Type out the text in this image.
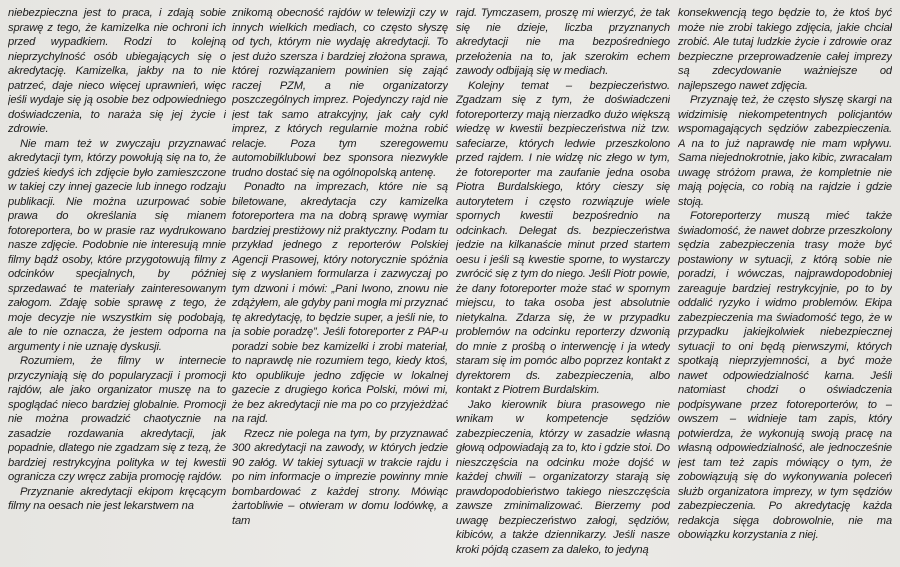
niebezpieczna jest to praca, i zdają sobie sprawę z tego, że kamizelka nie ochroni ich przed wypadkiem. Rodzi to kolejną nieprzychylność osób ubiegających się o akredytację. Kamizelka, jakby na to nie patrzeć, daje nieco więcej uprawnień, więc jeśli wydaje się ją osobie bez odpowiedniego doświadczenia, to naraża się jej życie i zdrowie.

Nie mam też w zwyczaju przyznawać akredytacji tym, którzy powołują się na to, że gdzieś kiedyś ich zdjęcie było zamieszczone w takiej czy innej gazecie lub innego rodzaju publikacji. Nie można uzurpować sobie prawa do określania się mianem fotoreportera, bo w prasie raz wydrukowano nasze zdjęcie. Podobnie nie interesują mnie filmy bądź osoby, które przygotowują filmy z odcinków specjalnych, by później sprzedawać te materiały zainteresowanym załogom. Zdaję sobie sprawę z tego, że moje decyzje nie wszystkim się podobają, ale to nie oznacza, że jestem odporna na argumenty i nie uznaję dyskusji.

Rozumiem, że filmy w internecie przyczyniają się do popularyzacji i promocji rajdów, ale jako organizator muszę na to spoglądać nieco bardziej globalnie. Promocji nie można prowadzić chaotycznie na zasadzie rozdawania akredytacji, jak popadnie, dlatego nie zgadzam się z tezą, że bardziej restrykcyjna polityka w tej kwestii ogranicza czy wręcz zabija promocję rajdów.

Przyznanie akredytacji ekipom kręcącym filmy na oesach nie jest lekarstwem na

znikomą obecność rajdów w telewizji czy w innych wielkich mediach, co często słyszę od tych, którym nie wydaję akredytacji. To jest dużo szersza i bardziej złożona sprawa, której rozwiązaniem powinien się zająć raczej PZM, a nie organizatorzy poszczególnych imprez. Pojedynczy rajd nie jest tak samo atrakcyjny, jak cały cykl imprez, z których regularnie można robić relacje. Poza tym szeregowemu automobilklubowi bez sponsora niezwykle trudno dostać się na ogólnopolską antenę.

Ponadto na imprezach, które nie są biletowane, akredytacja czy kamizelka fotoreportera ma na dobrą sprawę wymiar bardziej prestiżowy niż praktyczny. Podam tu przykład jednego z reporterów Polskiej Agencji Prasowej, który notorycznie spóźnia się z wysłaniem formularza i zazwyczaj po tym dzwoni i mówi: „Pani Iwono, znowu nie zdążyłem, ale gdyby pani mogła mi przyznać tę akredytację, to będzie super, a jeśli nie, to ja sobie poradzę”. Jeśli fotoreporter z PAP-u poradzi sobie bez kamizelki i zrobi materiał, to naprawdę nie rozumiem tego, kiedy ktoś, kto opublikuje jedno zdjęcie w lokalnej gazecie z drugiego końca Polski, mówi mi, że bez akredytacji nie ma po co przyjeżdżać na rajd.

Rzecz nie polega na tym, by przyznawać 300 akredytacji na zawody, w których jedzie 90 załóg. W takiej sytuacji w trakcie rajdu i po nim informacje o imprezie powinny mnie bombardować z każdej strony. Mówiąc żartobliwie – otwieram w domu lodówkę, a tam

rajd. Tymczasem, proszę mi wierzyć, że tak się nie dzieje, liczba przyznanych akredytacji nie ma bezpośredniego przełożenia na to, jak szerokim echem zawody odbijają się w mediach.

Kolejny temat – bezpieczeństwo. Zgadzam się z tym, że doświadczeni fotoreporterzy mają nierzadko dużo większą wiedzę w kwestii bezpieczeństwa niż tzw. safeciarze, których ledwie przeszkolono przed rajdem. I nie widzę nic złego w tym, że fotoreporter ma zaufanie jedna osoba Piotra Burdalskiego, który cieszy się autorytetem i często rozwiązuje wiele spornych kwestii bezpośrednio na odcinkach. Delegat ds. bezpieczeństwa jedzie na kilkanaście minut przed startem oesu i jeśli są kwestie sporne, to wystarczy zwrócić się z tym do niego. Jeśli Piotr powie, że dany fotoreporter może stać w spornym miejscu, to taka osoba jest absolutnie nietykalna. Zdarza się, że w przypadku problemów na odcinku reporterzy dzwonią do mnie z prośbą o interwencję i ja wtedy staram się im pomóc albo poprzez kontakt z dyrektorem ds. zabezpieczenia, albo kontakt z Piotrem Burdalskim.

Jako kierownik biura prasowego nie wnikam w kompetencje sędziów zabezpieczenia, którzy w zasadzie własną głową odpowiadają za to, kto i gdzie stoi. Do nieszczęścia na odcinku może dojść w każdej chwili – organizatorzy starają się prawdopodobieństwo takiego nieszczęścia zawsze zminimalizować. Bierzemy pod uwagę bezpieczeństwo załogi, sędziów, kibiców, a także dziennikarzy. Jeśli nasze kroki pójdą czasem za daleko, to jedyną

konsekwencją tego będzie to, że ktoś być może nie zrobi takiego zdjęcia, jakie chciał zrobić. Ale tutaj ludzkie życie i zdrowie oraz bezpieczne przeprowadzenie całej imprezy są zdecydowanie ważniejsze od najlepszego nawet zdjęcia.

Przyznaję też, że często słyszę skargi na widzimisię niekompetentnych policjantów wspomagających sędziów zabezpieczenia. A na to już naprawdę nie mam wpływu. Sama niejednokrotnie, jako kibic, zwracałam uwagę stróżom prawa, że kompletnie nie mają pojęcia, co robią na rajdzie i gdzie stoją.

Fotoreporterzy muszą mieć także świadomość, że nawet dobrze przeszkolony sędzia zabezpieczenia trasy może być postawiony w sytuacji, z którą sobie nie poradzi, i wówczas, najprawdopodobniej zareaguje bardziej restrykcyjnie, po to by oddalić ryzyko i widmo problemów. Ekipa zabezpieczenia ma świadomość tego, że w przypadku jakiejkolwiek niebezpiecznej sytuacji to oni będą pierwszymi, których spotkają nieprzyjemności, a być może nawet odpowiedzialność karna. Jeśli natomiast chodzi o oświadczenia podpisywane przez fotoreporterów, to – owszem – widnieje tam zapis, który potwierdza, że wykonują swoją pracę na własną odpowiedzialność, ale jednocześnie jest tam też zapis mówiący o tym, że zobowiązują się do wykonywania poleceń służb organizatora imprezy, w tym sędziów zabezpieczenia. Po akredytację każda redakcja sięga dobrowolnie, nie ma obowiązku korzystania z niej.
